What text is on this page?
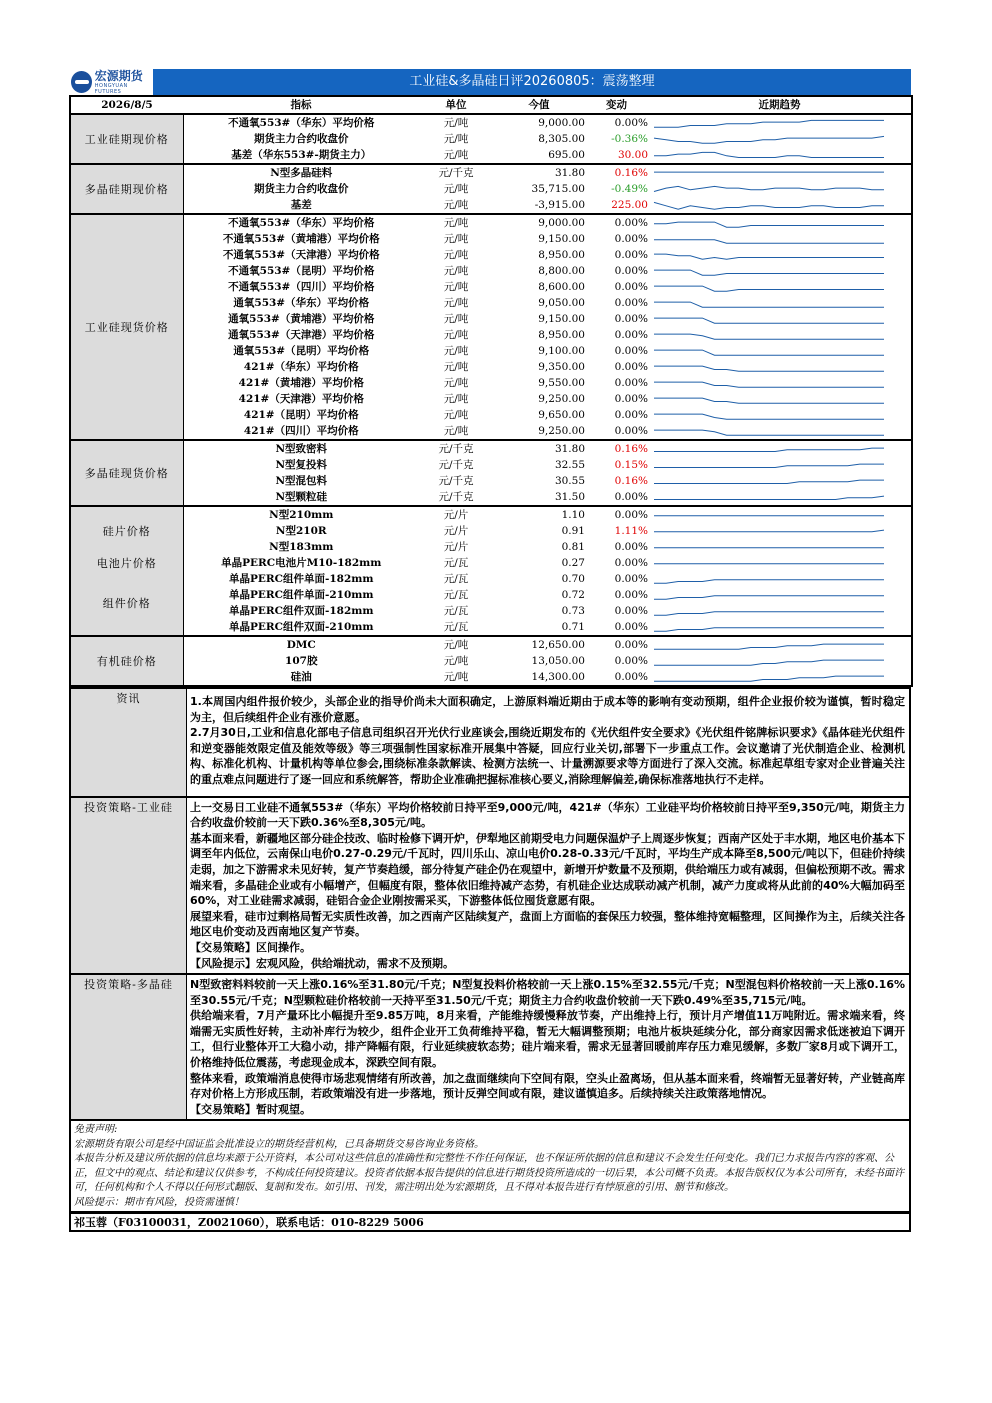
宏源期货
HONGYUAN FUTURES
工业硅&多晶硅日评20260805：震荡整理
2026/8/5	指标	单位	今值	变动	近期趋势
工业硅期现价格	不通氧553#（华东）平均价格	元/吨	9,000.00	0.00%	

	期货主力合约收盘价	元/吨	8,305.00	-0.36%	

	基差（华东553#-期货主力）	元/吨	695.00	30.00	

多晶硅期现价格	N型多晶硅料	元/千克	31.80	0.16%	

	期货主力合约收盘价	元/吨	35,715.00	-0.49%	

	基差	元/吨	-3,915.00	225.00	

工业硅现货价格	不通氧553#（华东）平均价格	元/吨	9,000.00	0.00%	

	不通氧553#（黄埔港）平均价格	元/吨	9,150.00	0.00%	

	不通氧553#（天津港）平均价格	元/吨	8,950.00	0.00%	

	不通氧553#（昆明）平均价格	元/吨	8,800.00	0.00%	

	不通氧553#（四川）平均价格	元/吨	8,600.00	0.00%	

	通氧553#（华东）平均价格	元/吨	9,050.00	0.00%	

	通氧553#（黄埔港）平均价格	元/吨	9,150.00	0.00%	

	通氧553#（天津港）平均价格	元/吨	8,950.00	0.00%	

	通氧553#（昆明）平均价格	元/吨	9,100.00	0.00%	

	421#（华东）平均价格	元/吨	9,350.00	0.00%	

	421#（黄埔港）平均价格	元/吨	9,550.00	0.00%	

	421#（天津港）平均价格	元/吨	9,250.00	0.00%	

	421#（昆明）平均价格	元/吨	9,650.00	0.00%	

	421#（四川）平均价格	元/吨	9,250.00	0.00%	

多晶硅现货价格	N型致密料	元/千克	31.80	0.16%	

	N型复投料	元/千克	32.55	0.15%	

	N型混包料	元/千克	30.55	0.16%	

	N型颗粒硅	元/千克	31.50	0.00%	

硅片价格	N型210mm	元/片	1.10	0.00%	

	N型210R	元/片	0.91	1.11%	

	N型183mm	元/片	0.81	0.00%	

电池片价格	单晶PERC电池片M10-182mm	元/瓦	0.27	0.00%	

组件价格	单晶PERC组件单面-182mm	元/瓦	0.70	0.00%	

	单晶PERC组件单面-210mm	元/瓦	0.72	0.00%	

	单晶PERC组件双面-182mm	元/瓦	0.73	0.00%	

	单晶PERC组件双面-210mm	元/瓦	0.71	0.00%	

有机硅价格	DMC	元/吨	12,650.00	0.00%	

	107胶	元/吨	13,050.00	0.00%	

	硅油	元/吨	14,300.00	0.00%	
资讯	1.本周国内组件报价较少，头部企业的指导价尚未大面积确定，上游原料端近期由于成本等的影响有变动预期，组件企业报价较为谨慎，暂时稳定为主，但后续组件企业有涨价意愿。

2.7月30日,工业和信息化部电子信息司组织召开光伏行业座谈会,围绕近期发布的《光伏组件安全要求》《光伏组件铭牌标识要求》《晶体硅光伏组件和逆变器能效限定值及能效等级》等三项强制性国家标准开展集中答疑，回应行业关切,部署下一步重点工作。会议邀请了光伏制造企业、检测机构、标准化机构、计量机构等单位参会,围绕标准条款解读、检测方法统一、计量溯源要求等方面进行了深入交流。标准起草组专家对企业普遍关注的重点难点问题进行了逐一回应和系统解答，帮助企业准确把握标准核心要义,消除理解偏差,确保标准落地执行不走样。

投资策略-工业硅	上一交易日工业硅不通氧553#（华东）平均价格较前日持平至9,000元/吨，421#（华东）工业硅平均价格较前日持平至9,350元/吨，期货主力合约收盘价较前一天下跌0.36%至8,305元/吨。

基本面来看，新疆地区部分硅企技改、临时检修下调开炉，伊犁地区前期受电力问题保温炉子上周逐步恢复；西南产区处于丰水期，地区电价基本下调至年内低位，云南保山电价0.27-0.29元/千瓦时，四川乐山、凉山电价0.28-0.33元/千瓦时，平均生产成本降至8,500元/吨以下，但硅价持续走弱，加之下游需求未见好转，复产节奏趋缓，部分待复产硅企仍在观望中，新增开炉数量不及预期，供给端压力或有减弱，但偏松预期不改。需求端来看，多晶硅企业或有小幅增产，但幅度有限，整体依旧维持减产态势，有机硅企业达成联动减产机制，减产力度或将从此前的40%大幅加码至60%，对工业硅需求减弱，硅铝合金企业刚按需采买，下游整体低位囤货意愿有限。

展望来看，硅市过剩格局暂无实质性改善，加之西南产区陆续复产，盘面上方面临的套保压力较强，整体维持宽幅整理，区间操作为主，后续关注各地区电价变动及西南地区复产节奏。

【交易策略】区间操作。

【风险提示】宏观风险，供给端扰动，需求不及预期。

投资策略-多晶硅	N型致密料料较前一天上涨0.16%至31.80元/千克；N型复投料价格较前一天上涨0.15%至32.55元/千克；N型混包料价格较前一天上涨0.16%至30.55元/千克；N型颗粒硅价格较前一天持平至31.50元/千克；期货主力合约收盘价较前一天下跌0.49%至35,715元/吨。

供给端来看，7月产量环比小幅提升至9.85万吨，8月来看，产能维持缓慢释放节奏，产出维持上行，预计月产增值11万吨附近。需求端来看，终端需无实质性好转，主动补库行为较少，组件企业开工负荷维持平稳，暂无大幅调整预期；电池片板块延续分化，部分商家因需求低迷被迫下调开工，但行业整体开工大稳小动，排产降幅有限，行业延续疲软态势；硅片端来看，需求无显著回暖前库存压力难见缓解，多数厂家8月或下调开工，价格维持低位震荡，考虑现金成本，深跌空间有限。

整体来看，政策端消息使得市场悲观情绪有所改善，加之盘面继续向下空间有限，空头止盈离场，但从基本面来看，终端暂无显著好转，产业链高库存对价格上方形成压制，若政策端没有进一步落地，预计反弹空间或有限，建议谨慎追多。后续持续关注政策落地情况。

【交易策略】暂时观望。

免责声明:

宏源期货有限公司是经中国证监会批准设立的期货经营机构，已具备期货交易咨询业务资格。

本报告分析及建议所依据的信息均来源于公开资料，本公司对这些信息的准确性和完整性不作任何保证，也不保证所依据的信息和建议不会发生任何变化。我们已力求报告内容的客观、公正，但文中的观点、结论和建议仅供参考，不构成任何投资建议。投资者依据本报告提供的信息进行期货投资所造成的一切后果，本公司概不负责。本报告版权仅为本公司所有，未经书面许可，任何机构和个人不得以任何形式翻版、复制和发布。如引用、刊发，需注明出处为宏源期货，且不得对本报告进行有悖原意的引用、删节和修改。

风险提示：期市有风险，投资需谨慎！

祁玉蓉（F03100031，Z0021060），联系电话：010-8229 5006
